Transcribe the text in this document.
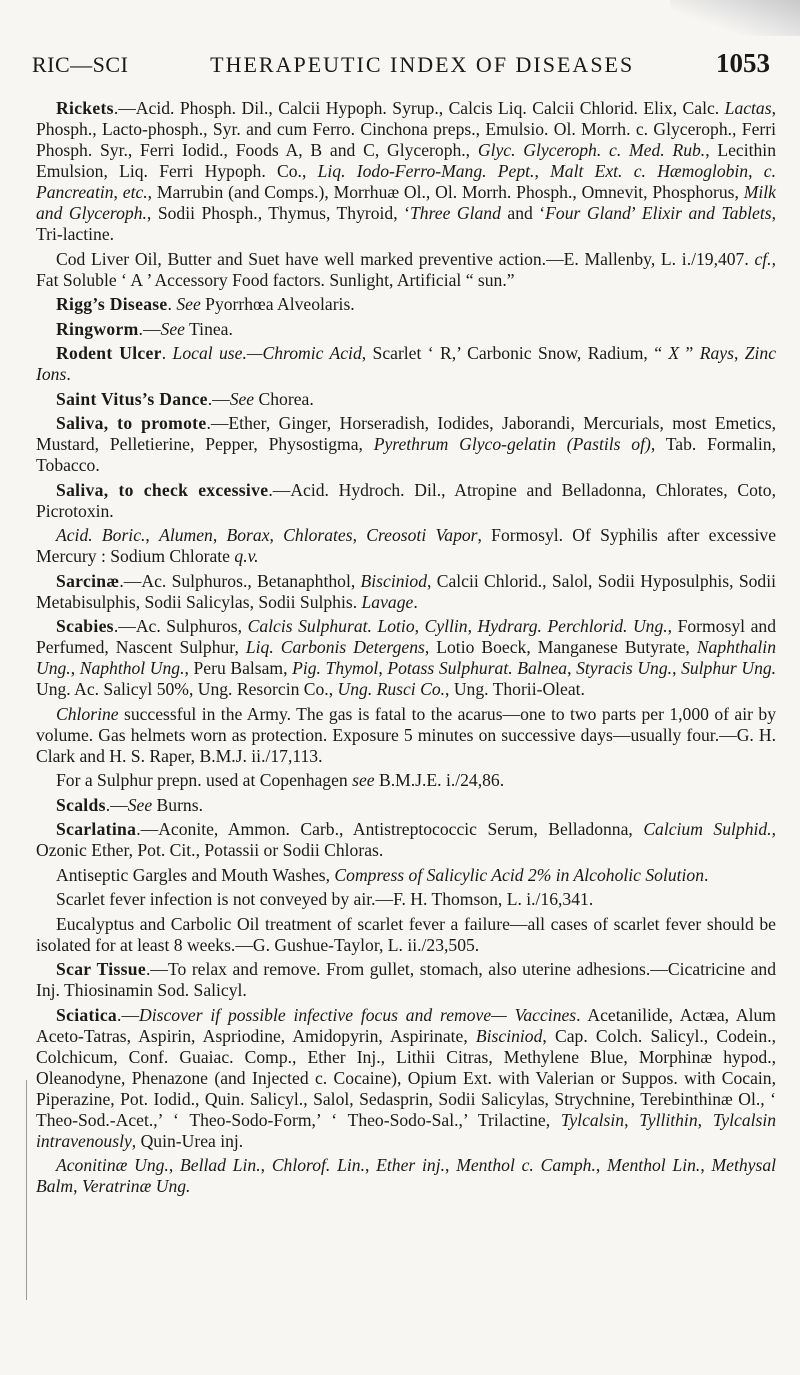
RIC—SCI	THERAPEUTIC INDEX OF DISEASES	1053

Rickets.—Acid. Phosph. Dil., Calcii Hypoph. Syrup., Calcis Liq. Calcii Chlorid. Elix, Calc. Lactas, Phosph., Lacto-phosph., Syr. and cum Ferro. Cinchona preps., Emulsio. Ol. Morrh. c. Glyceroph., Ferri Phosph. Syr., Ferri Iodid., Foods A, B and C, Glyceroph., Glyc. Glyceroph. c. Med. Rub., Lecithin Emulsion, Liq. Ferri Hypoph. Co., Liq. Iodo-Ferro-Mang. Pept., Malt Ext. c. Hæmoglobin, c. Pancreatin, etc., Marrubin (and Comps.), Morrhuæ Ol., Ol. Morrh. Phosph., Omnevit, Phosphorus, Milk and Glyceroph., Sodii Phosph., Thymus, Thyroid, ‘Three Gland and ‘Four Gland’ Elixir and Tablets, Tri-lactine.

Cod Liver Oil, Butter and Suet have well marked preventive action.—E. Mallenby, L. i./19,407. cf., Fat Soluble ‘ A ’ Accessory Food factors. Sunlight, Artificial “ sun.”

Rigg’s Disease. See Pyorrhœa Alveolaris.

Ringworm.—See Tinea.

Rodent Ulcer. Local use.—Chromic Acid, Scarlet ‘ R,’ Carbonic Snow, Radium, “ X ” Rays, Zinc Ions.

Saint Vitus’s Dance.—See Chorea.

Saliva, to promote.—Ether, Ginger, Horseradish, Iodides, Jaborandi, Mercurials, most Emetics, Mustard, Pelletierine, Pepper, Physostigma, Pyrethrum Glyco-gelatin (Pastils of), Tab. Formalin, Tobacco.

Saliva, to check excessive.—Acid. Hydroch. Dil., Atropine and Belladonna, Chlorates, Coto, Picrotoxin.

Acid. Boric., Alumen, Borax, Chlorates, Creosoti Vapor, Formosyl. Of Syphilis after excessive Mercury : Sodium Chlorate q.v.

Sarcinæ.—Ac. Sulphuros., Betanaphthol, Bisciniod, Calcii Chlorid., Salol, Sodii Hyposulphis, Sodii Metabisulphis, Sodii Salicylas, Sodii Sulphis. Lavage.

Scabies.—Ac. Sulphuros, Calcis Sulphurat. Lotio, Cyllin, Hydrarg. Perchlorid. Ung., Formosyl and Perfumed, Nascent Sulphur, Liq. Carbonis Detergens, Lotio Boeck, Manganese Butyrate, Naphthalin Ung., Naphthol Ung., Peru Balsam, Pig. Thymol, Potass Sulphurat. Balnea, Styracis Ung., Sulphur Ung. Ung. Ac. Salicyl 50%, Ung. Resorcin Co., Ung. Rusci Co., Ung. Thorii-Oleat.

Chlorine successful in the Army. The gas is fatal to the acarus—one to two parts per 1,000 of air by volume. Gas helmets worn as protection. Exposure 5 minutes on successive days—usually four.—G. H. Clark and H. S. Raper, B.M.J. ii./17,113.

For a Sulphur prepn. used at Copenhagen see B.M.J.E. i./24,86.

Scalds.—See Burns.

Scarlatina.—Aconite, Ammon. Carb., Antistreptococcic Serum, Belladonna, Calcium Sulphid., Ozonic Ether, Pot. Cit., Potassii or Sodii Chloras.

Antiseptic Gargles and Mouth Washes, Compress of Salicylic Acid 2% in Alcoholic Solution.

Scarlet fever infection is not conveyed by air.—F. H. Thomson, L. i./16,341.

Eucalyptus and Carbolic Oil treatment of scarlet fever a failure—all cases of scarlet fever should be isolated for at least 8 weeks.—G. Gushue-Taylor, L. ii./23,505.

Scar Tissue.—To relax and remove. From gullet, stomach, also uterine adhesions.—Cicatricine and Inj. Thiosinamin Sod. Salicyl.

Sciatica.—Discover if possible infective focus and remove— Vaccines. Acetanilide, Actæa, Alum Aceto-Tatras, Aspirin, Aspriodine, Amidopyrin, Aspirinate, Bisciniod, Cap. Colch. Salicyl., Codein., Colchicum, Conf. Guaiac. Comp., Ether Inj., Lithii Citras, Methylene Blue, Morphinæ hypod., Oleanodyne, Phenazone (and Injected c. Cocaine), Opium Ext. with Valerian or Suppos. with Cocain, Piperazine, Pot. Iodid., Quin. Salicyl., Salol, Sedasprin, Sodii Salicylas, Strychnine, Terebinthinæ Ol., ‘ Theo-Sod.-Acet.,’ ‘ Theo-Sodo-Form,’ ‘ Theo-Sodo-Sal.,’ Trilactine, Tylcalsin, Tyllithin, Tylcalsin intravenously, Quin-Urea inj.

Aconitinæ Ung., Bellad Lin., Chlorof. Lin., Ether inj., Menthol c. Camph., Menthol Lin., Methysal Balm, Veratrinæ Ung.
